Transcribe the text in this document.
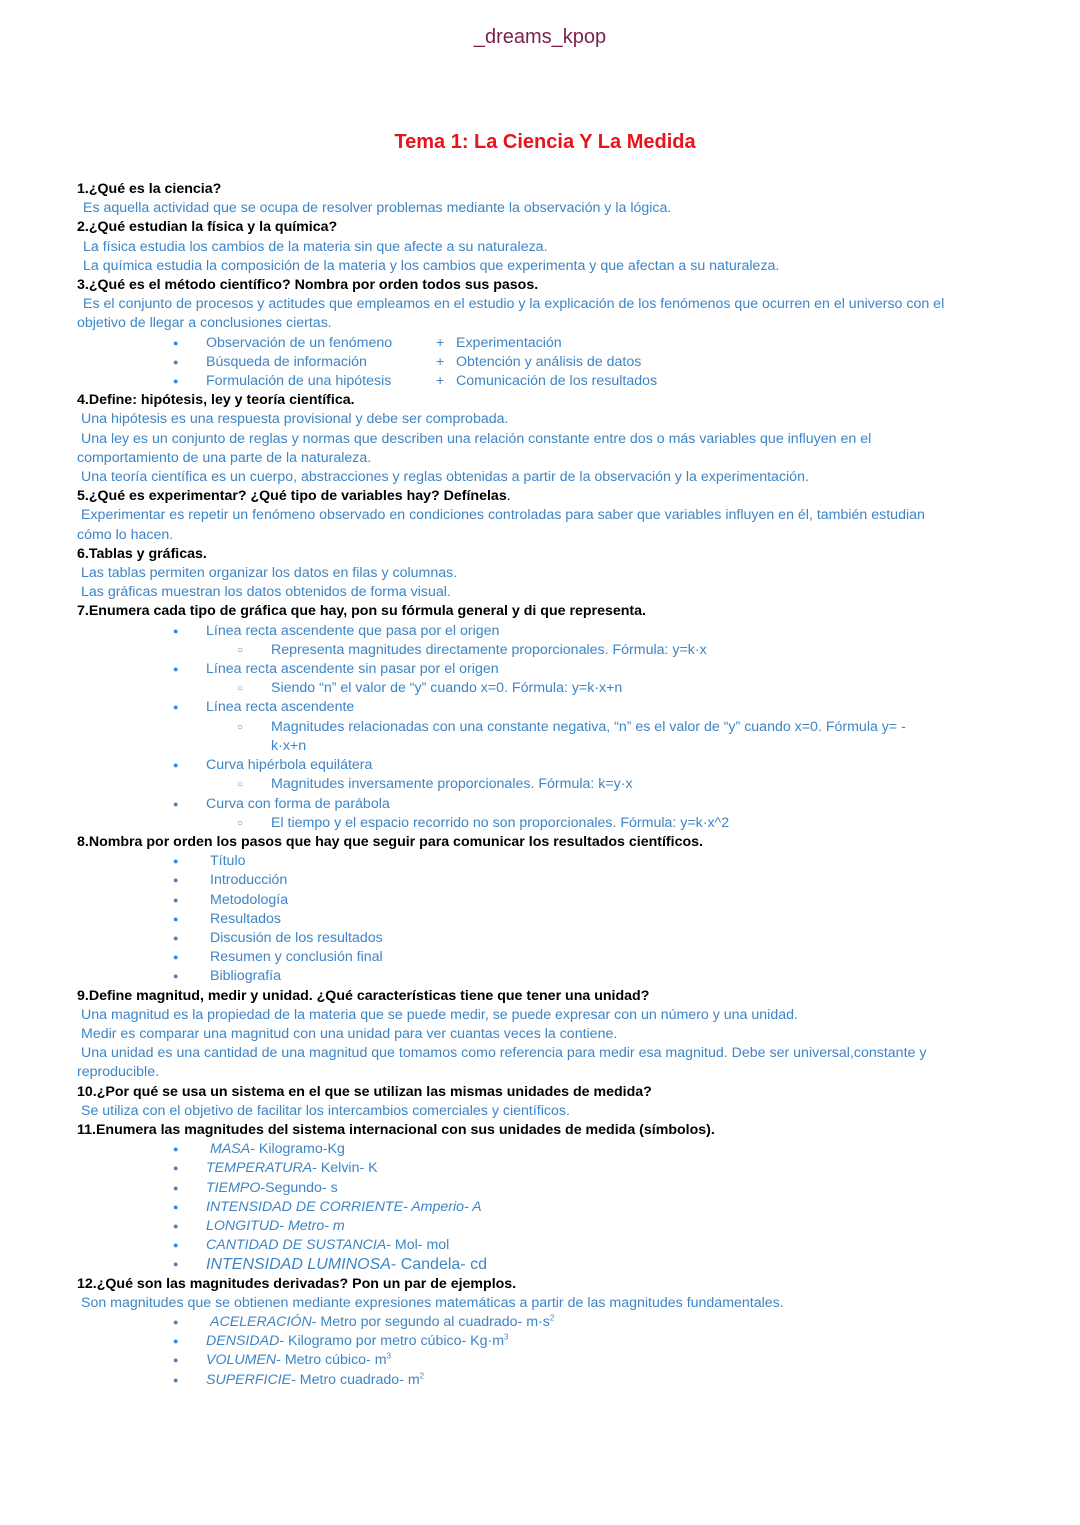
_dreams_kpop
Tema 1: La Ciencia Y La Medida
1.¿Qué es la ciencia?
Es aquella actividad que se ocupa de resolver problemas mediante la observación y la lógica.
2.¿Qué estudian la física y la química?
La física estudia los cambios de la materia sin que afecte a su naturaleza.
La química estudia la composición de la materia y los cambios que experimenta y que afectan a su naturaleza.
3.¿Qué es el método científico? Nombra por orden todos sus pasos.
Es el conjunto de procesos y actitudes que empleamos en el estudio y la explicación de los fenómenos que ocurren en el universo con el objetivo de llegar a conclusiones ciertas.
● Observación de un fenómeno	+ Experimentación
● Búsqueda de información	+ Obtención y análisis de datos
● Formulación de una hipótesis	+ Comunicación de los resultados
4.Define: hipótesis, ley y teoría científica.
Una hipótesis es una respuesta provisional y debe ser comprobada.
Una ley es un conjunto de reglas y normas que describen una relación constante entre dos o más variables que influyen en el comportamiento de una parte de la naturaleza.
Una teoría científica es un cuerpo, abstracciones y reglas obtenidas a partir de la observación y la experimentación.
5.¿Qué es experimentar? ¿Qué tipo de variables hay? Defínelas.
Experimentar es repetir un fenómeno observado en condiciones controladas para saber que variables influyen en él, también estudian cómo lo hacen.
6.Tablas y gráficas.
Las tablas permiten organizar los datos en filas y columnas.
Las gráficas muestran los datos obtenidos de forma visual.
7.Enumera cada tipo de gráfica que hay, pon su fórmula general y di que representa.
● Línea recta ascendente que pasa por el origen
○ Representa magnitudes directamente proporcionales. Fórmula: y=k·x
● Línea recta ascendente sin pasar por el origen
○ Siendo “n” el valor de “y” cuando x=0. Fórmula: y=k·x+n
● Línea recta ascendente
○ Magnitudes relacionadas con una constante negativa, “n” es el valor de “y” cuando x=0. Fórmula y= -k·x+n
● Curva hipérbola equilátera
○ Magnitudes inversamente proporcionales. Fórmula: k=y·x
● Curva con forma de parábola
○ El tiempo y el espacio recorrido no son proporcionales. Fórmula: y=k·x^2
8.Nombra por orden los pasos que hay que seguir para comunicar los resultados científicos.
● Título
● Introducción
● Metodología
● Resultados
● Discusión de los resultados
● Resumen y conclusión final
● Bibliografía
9.Define magnitud, medir y unidad. ¿Qué características tiene que tener una unidad?
Una magnitud es la propiedad de la materia que se puede medir, se puede expresar con un número y una unidad.
Medir es comparar una magnitud con una unidad para ver cuantas veces la contiene.
Una unidad es una cantidad de una magnitud que tomamos como referencia para medir esa magnitud. Debe ser universal,constante y reproducible.
10.¿Por qué se usa un sistema en el que se utilizan las mismas unidades de medida?
Se utiliza con el objetivo de facilitar los intercambios comerciales y científicos.
11.Enumera las magnitudes del sistema internacional con sus unidades de medida (símbolos).
● MASA- Kilogramo-Kg
● TEMPERATURA- Kelvin- K
● TIEMPO-Segundo- s
● INTENSIDAD DE CORRIENTE- Amperio- A
● LONGITUD- Metro- m
● CANTIDAD DE SUSTANCIA- Mol- mol
● INTENSIDAD LUMINOSA- Candela- cd
12.¿Qué son las magnitudes derivadas? Pon un par de ejemplos.
Son magnitudes que se obtienen mediante expresiones matemáticas a partir de las magnitudes fundamentales.
● ACELERACIÓN- Metro por segundo al cuadrado- $m\cdot s^2$
● DENSIDAD- Kilogramo por metro cúbico- $Kg\cdot m^3$
● VOLUMEN- Metro cúbico- $m^3$
● SUPERFICIE- Metro cuadrado- $m^2$
